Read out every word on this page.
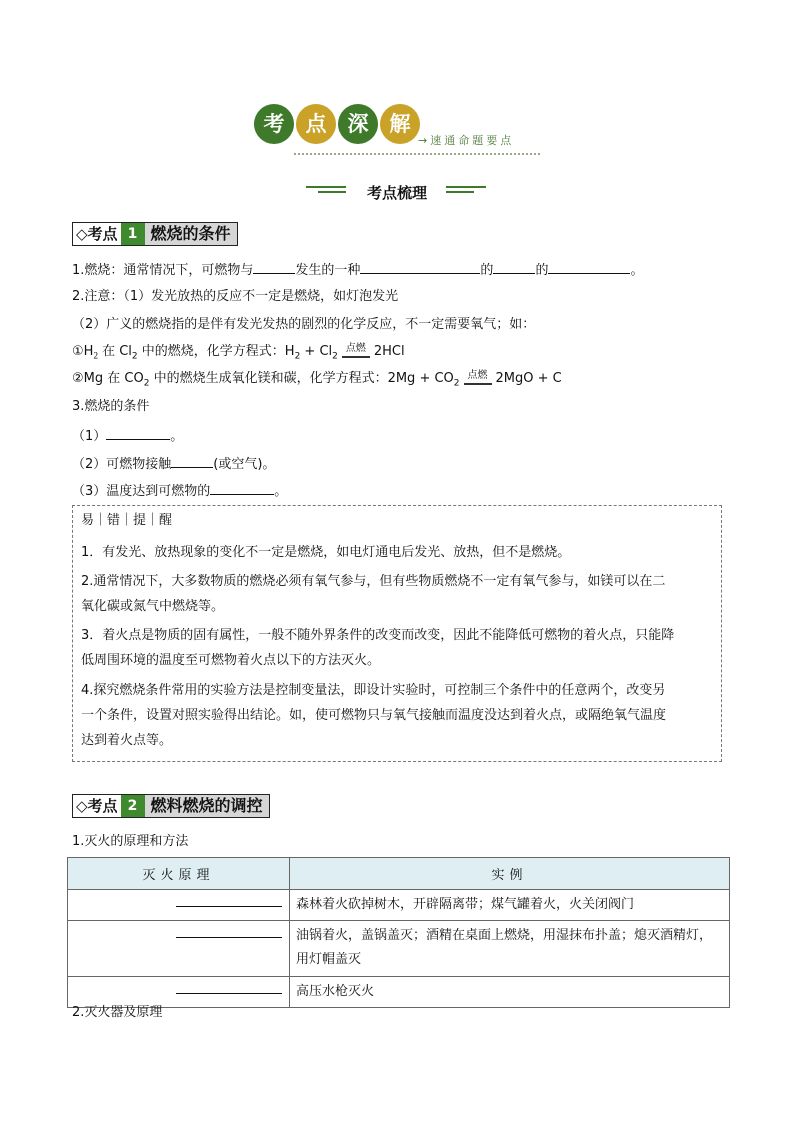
考	点	深	解
→速通命题要点
考点梳理
◇考点 1 燃烧的条件
1.燃烧：通常情况下，可燃物与	发生的一种	的	的	。
2.注意：（1）发光放热的反应不一定是燃烧，如灯泡发光
（2）广义的燃烧指的是伴有发光发热的剧烈的化学反应，不一定需要氧气；如：
$①H_2$ 在 $Cl_2$ 中的燃烧，化学方程式：$H_2 + Cl_2$点燃 2HCl
②Mg 在 $CO_2$ 中的燃烧生成氧化镁和碳，化学方程式：$2Mg + CO_2$点燃 2MgO + C
3.燃烧的条件
（1）	。
（2）可燃物接触	(或空气)。
（3）温度达到可燃物的	。
易｜错｜提｜醒
1．有发光、放热现象的变化不一定是燃烧，如电灯通电后发光、放热，但不是燃烧。
2.通常情况下，大多数物质的燃烧必须有氧气参与，但有些物质燃烧不一定有氧气参与，如镁可以在二
氧化碳或氮气中燃烧等。
3．着火点是物质的固有属性，一般不随外界条件的改变而改变，因此不能降低可燃物的着火点，只能降
低周围环境的温度至可燃物着火点以下的方法灭火。
4.探究燃烧条件常用的实验方法是控制变量法，即设计实验时，可控制三个条件中的任意两个，改变另
一个条件，设置对照实验得出结论。如，使可燃物只与氧气接触而温度没达到着火点，或隔绝氧气温度
达到着火点等。
◇考点 2 燃料燃烧的调控
1.灭火的原理和方法
灭火原理	实例

	森林着火砍掉树木，开辟隔离带；煤气罐着火，火关闭阀门

	油锅着火，盖锅盖灭；酒精在桌面上燃烧，用湿抹布扑盖；熄灭酒精灯，用灯帽盖灭

	高压水枪灭火
2.灭火器及原理
